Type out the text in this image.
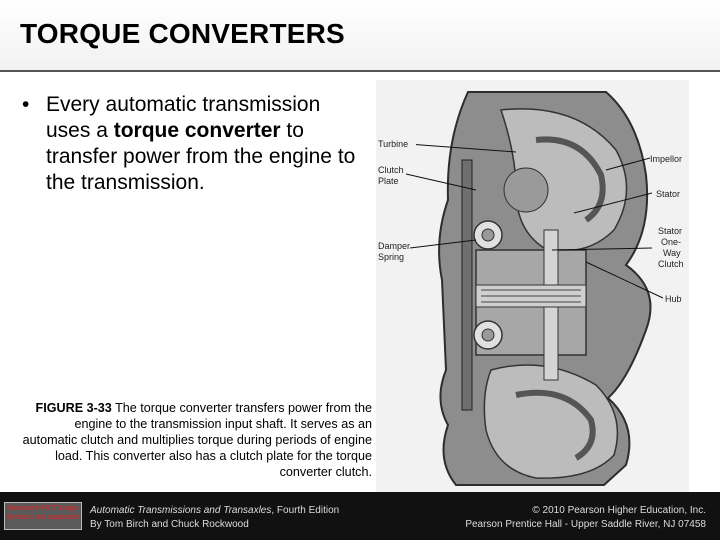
TORQUE CONVERTERS
• Every automatic transmission uses a torque converter to transfer power from the engine to the transmission.
FIGURE 3-33 The torque converter transfers power from the engine to the transmission input shaft. It serves as an automatic clutch and multiplies torque during periods of engine load. This converter also has a clutch plate for the torque converter clutch.
Turbine
Clutch
Plate
Damper
Spring
Impellor
Stator
Stator
One-
Way
Clutch
Hub
Macintosh PICT image format is not supported
Automatic Transmissions and Transaxles, Fourth Edition
By Tom Birch and Chuck Rockwood
© 2010 Pearson Higher Education, Inc.
Pearson Prentice Hall - Upper Saddle River, NJ 07458
